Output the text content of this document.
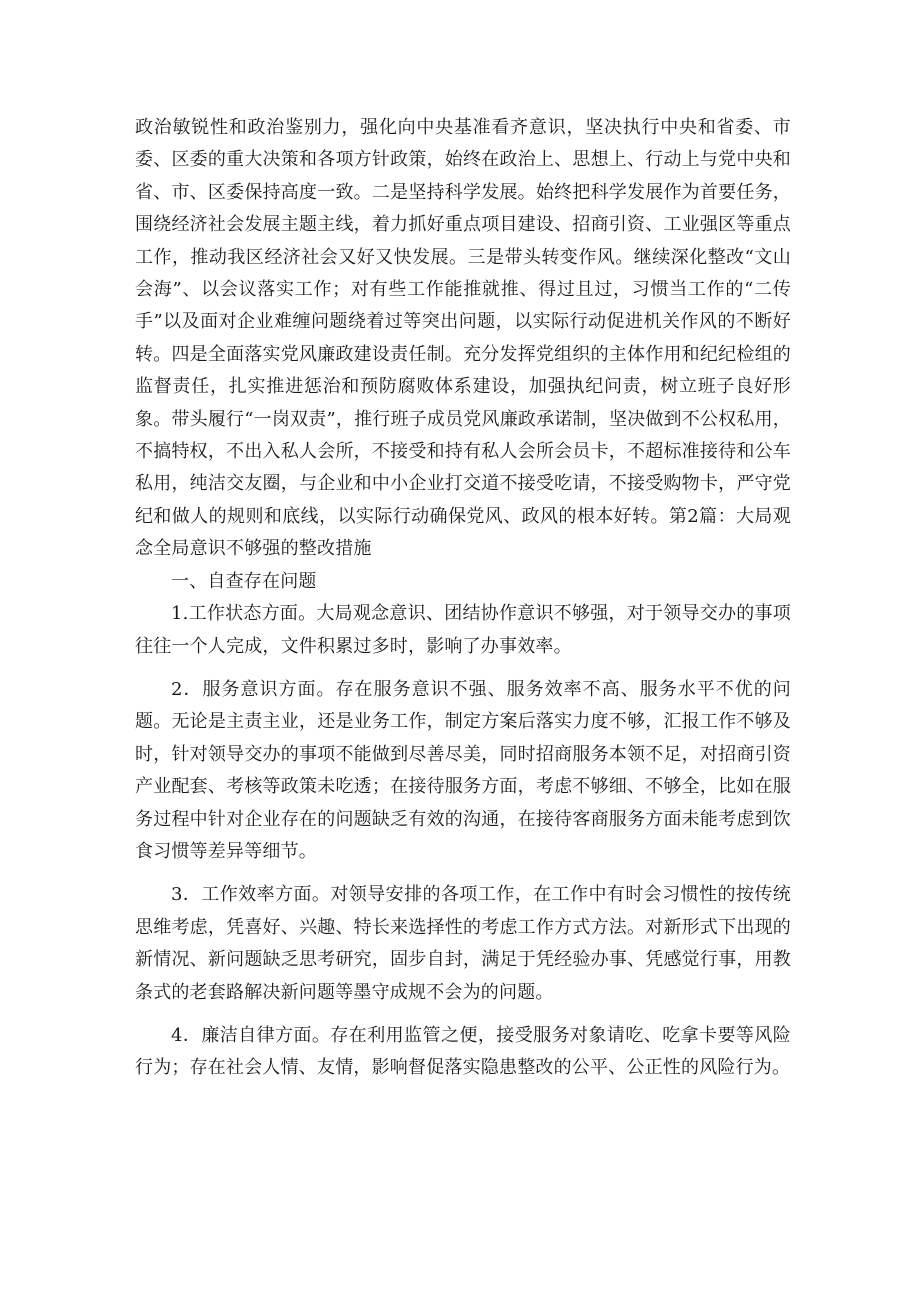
政治敏锐性和政治鉴别力，强化向中央基准看齐意识，坚决执行中央和省委、市委、区委的重大决策和各项方针政策，始终在政治上、思想上、行动上与党中央和省、市、区委保持高度一致。二是坚持科学发展。始终把科学发展作为首要任务，围绕经济社会发展主题主线，着力抓好重点项目建设、招商引资、工业强区等重点工作，推动我区经济社会又好又快发展。三是带头转变作风。继续深化整改“文山会海”、以会议落实工作；对有些工作能推就推、得过且过，习惯当工作的“二传手”以及面对企业难缠问题绕着过等突出问题，以实际行动促进机关作风的不断好转。四是全面落实党风廉政建设责任制。充分发挥党组织的主体作用和纪纪检组的监督责任，扎实推进惩治和预防腐败体系建设，加强执纪问责，树立班子良好形象。带头履行“一岗双责”，推行班子成员党风廉政承诺制，坚决做到不公权私用，不搞特权，不出入私人会所，不接受和持有私人会所会员卡，不超标准接待和公车私用，纯洁交友圈，与企业和中小企业打交道不接受吃请，不接受购物卡，严守党纪和做人的规则和底线，以实际行动确保党风、政风的根本好转。第2篇：大局观念全局意识不够强的整改措施

一、自查存在问题

1.工作状态方面。大局观念意识、团结协作意识不够强，对于领导交办的事项往往一个人完成，文件积累过多时，影响了办事效率。

2．服务意识方面。存在服务意识不强、服务效率不高、服务水平不优的问题。无论是主责主业，还是业务工作，制定方案后落实力度不够，汇报工作不够及时，针对领导交办的事项不能做到尽善尽美，同时招商服务本领不足，对招商引资产业配套、考核等政策未吃透；在接待服务方面，考虑不够细、不够全，比如在服务过程中针对企业存在的问题缺乏有效的沟通，在接待客商服务方面未能考虑到饮食习惯等差异等细节。

3．工作效率方面。对领导安排的各项工作，在工作中有时会习惯性的按传统思维考虑，凭喜好、兴趣、特长来选择性的考虑工作方式方法。对新形式下出现的新情况、新问题缺乏思考研究，固步自封，满足于凭经验办事、凭感觉行事，用教条式的老套路解决新问题等墨守成规不会为的问题。

4．廉洁自律方面。存在利用监管之便，接受服务对象请吃、吃拿卡要等风险行为；存在社会人情、友情，影响督促落实隐患整改的公平、公正性的风险行为。
